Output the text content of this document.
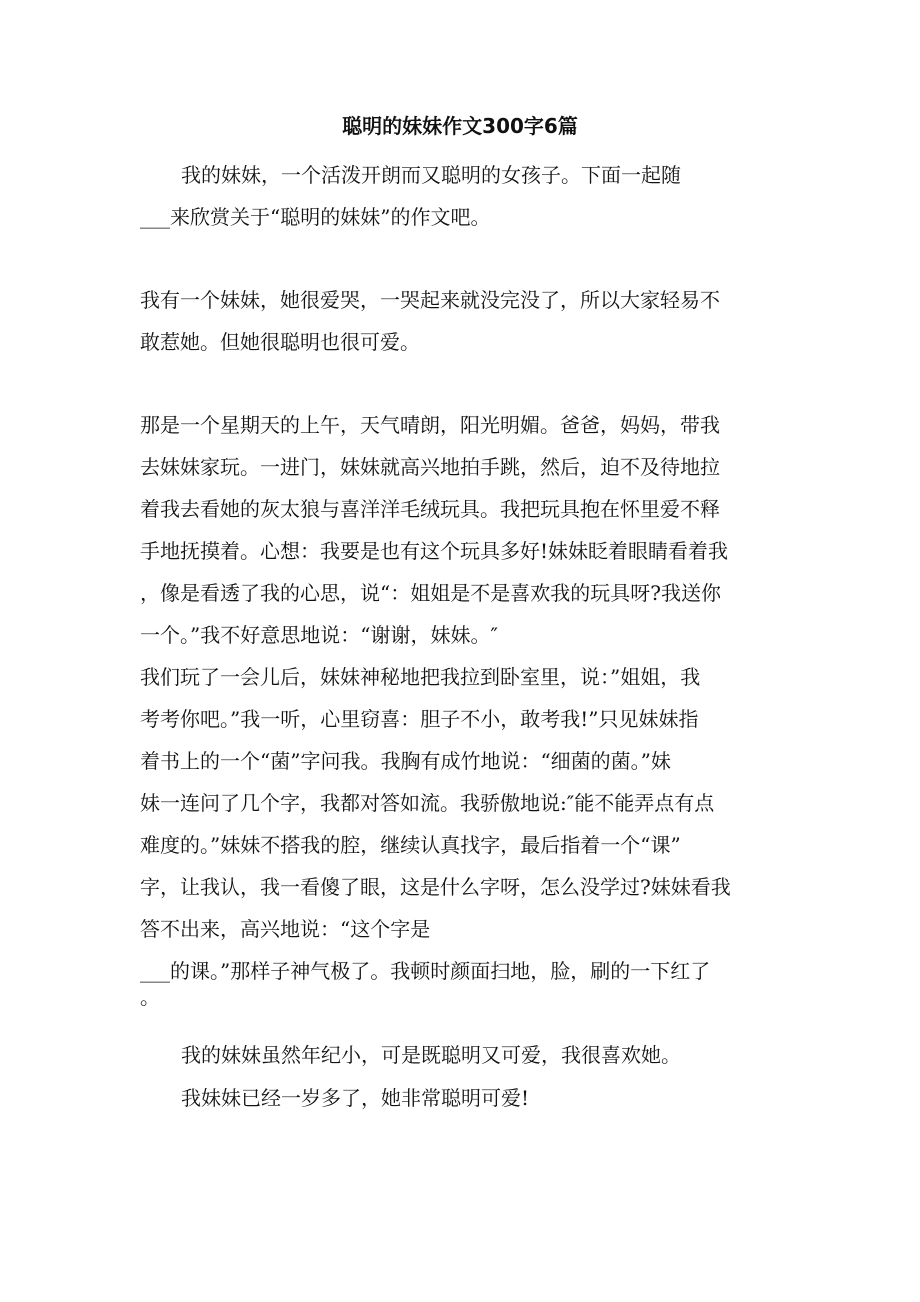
聪明的妹妹作文300字6篇

我的妹妹，一个活泼开朗而又聪明的女孩子。下面一起随

___来欣赏关于“聪明的妹妹”的作文吧。

我有一个妹妹，她很爱哭，一哭起来就没完没了，所以大家轻易不

敢惹她。但她很聪明也很可爱。

那是一个星期天的上午，天气晴朗，阳光明媚。爸爸，妈妈，带我

去妹妹家玩。一进门，妹妹就高兴地拍手跳，然后，迫不及待地拉

着我去看她的灰太狼与喜洋洋毛绒玩具。我把玩具抱在怀里爱不释

手地抚摸着。心想：我要是也有这个玩具多好!妹妹眨着眼睛看着我

，像是看透了我的心思，说“：姐姐是不是喜欢我的玩具呀?我送你

一个。”我不好意思地说：“谢谢，妹妹。″

我们玩了一会儿后，妹妹神秘地把我拉到卧室里，说：”姐姐，我

考考你吧。”我一听，心里窃喜：胆子不小，敢考我!”只见妹妹指

着书上的一个“菌”字问我。我胸有成竹地说：“细菌的菌。”妹

妹一连问了几个字，我都对答如流。我骄傲地说:″能不能弄点有点

难度的。”妹妹不搭我的腔，继续认真找字，最后指着一个“课”

字，让我认，我一看傻了眼，这是什么字呀，怎么没学过?妹妹看我

答不出来，高兴地说：“这个字是

___的课。”那样子神气极了。我顿时颜面扫地，脸，刷的一下红了

。

我的妹妹虽然年纪小，可是既聪明又可爱，我很喜欢她。

我妹妹已经一岁多了，她非常聪明可爱!
